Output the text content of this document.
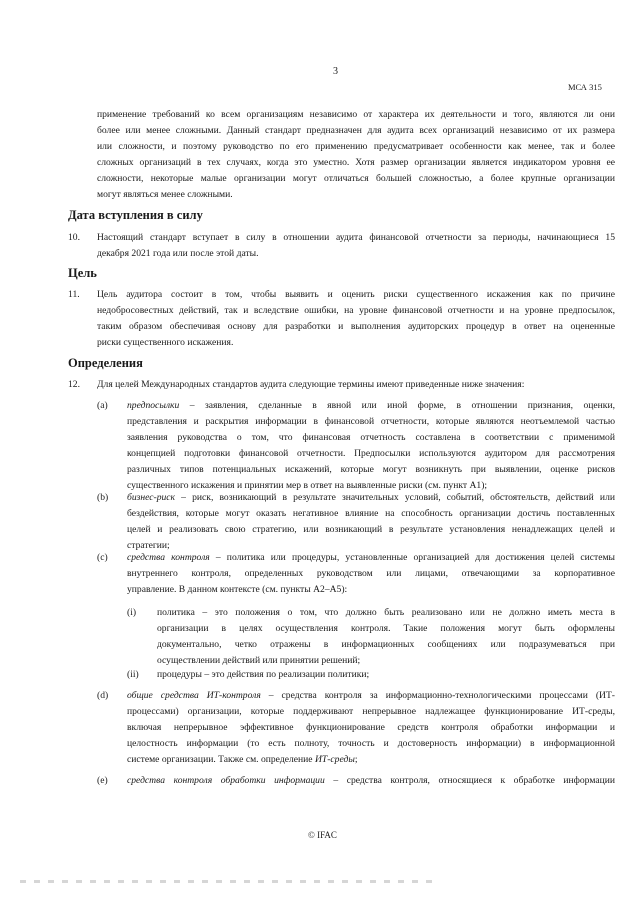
3
МСА 315

применение требований ко всем организациям независимо от характера их деятельности и того, являются ли они

более или менее сложными. Данный стандарт предназначен для аудита всех организаций независимо от их размера

или сложности, и поэтому руководство по его применению предусматривает особенности как менее, так и более

сложных организаций в тех случаях, когда это уместно. Хотя размер организации является индикатором уровня ее

сложности, некоторые малые организации могут отличаться большей сложностью, а более крупные организации

могут являться менее сложными.

Дата вступления в силу
10. Настоящий стандарт вступает в силу в отношении аудита финансовой отчетности за периоды, начинающиеся 15

декабря 2021 года или после этой даты.

Цель
11. Цель аудитора состоит в том, чтобы выявить и оценить риски существенного искажения как по причине

недобросовестных действий, так и вследствие ошибки, на уровне финансовой отчетности и на уровне предпосылок,

таким образом обеспечивая основу для разработки и выполнения аудиторских процедур в ответ на оцененные

риски существенного искажения.

Определения
12. Для целей Международных стандартов аудита следующие термины имеют приведенные ниже значения:

(a) предпосылки – заявления, сделанные в явной или иной форме, в отношении признания, оценки,

представления и раскрытия информации в финансовой отчетности, которые являются неотъемлемой частью

заявления руководства о том, что финансовая отчетность составлена в соответствии с применимой

концепцией подготовки финансовой отчетности. Предпосылки используются аудитором для рассмотрения

различных типов потенциальных искажений, которые могут возникнуть при выявлении, оценке рисков

существенного искажения и принятии мер в ответ на выявленные риски (см. пункт A1);

(b) бизнес-риск – риск, возникающий в результате значительных условий, событий, обстоятельств, действий или

бездействия, которые могут оказать негативное влияние на способность организации достичь поставленных

целей и реализовать свою стратегию, или возникающий в результате установления ненадлежащих целей и

стратегии;

(c) средства контроля – политика или процедуры, установленные организацией для достижения целей системы

внутреннего контроля, определенных руководством или лицами, отвечающими за корпоративное

управление. В данном контексте (см. пункты A2–A5):

(i) политика – это положения о том, что должно быть реализовано или не должно иметь места в

организации в целях осуществления контроля. Такие положения могут быть оформлены

документально, четко отражены в информационных сообщениях или подразумеваться при

осуществлении действий или принятии решений;

(ii) процедуры – это действия по реализации политики;

(d) общие средства ИТ-контроля – средства контроля за информационно-технологическими процессами (ИТ-

процессами) организации, которые поддерживают непрерывное надлежащее функционирование ИТ-среды,

включая непрерывное эффективное функционирование средств контроля обработки информации и

целостность информации (то есть полноту, точность и достоверность информации) в информационной

системе организации. Также см. определение ИТ-среды;

(e) средства контроля обработки информации – средства контроля, относящиеся к обработке информации

© IFAC
